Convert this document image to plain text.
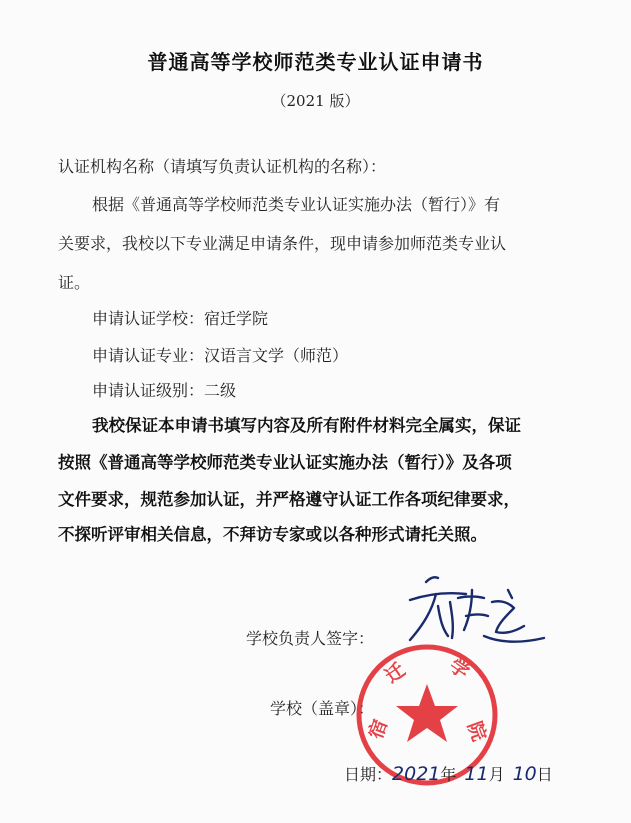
普通高等学校师范类专业认证申请书
（2021 版）
认证机构名称（请填写负责认证机构的名称）：
根据《普通高等学校师范类专业认证实施办法（暂行）》有
关要求，我校以下专业满足申请条件，现申请参加师范类专业认
证。
申请认证学校：宿迁学院
申请认证专业：汉语言文学（师范）
申请认证级别：二级
我校保证本申请书填写内容及所有附件材料完全属实，保证
按照《普通高等学校师范类专业认证实施办法（暂行）》及各项
文件要求，规范参加认证，并严格遵守认证工作各项纪律要求，
不探听评审相关信息，不拜访专家或以各种形式请托关照。
学校负责人签字：
学校（盖章）：
宿
迁 学
院
日期：2021年  11月  10日
